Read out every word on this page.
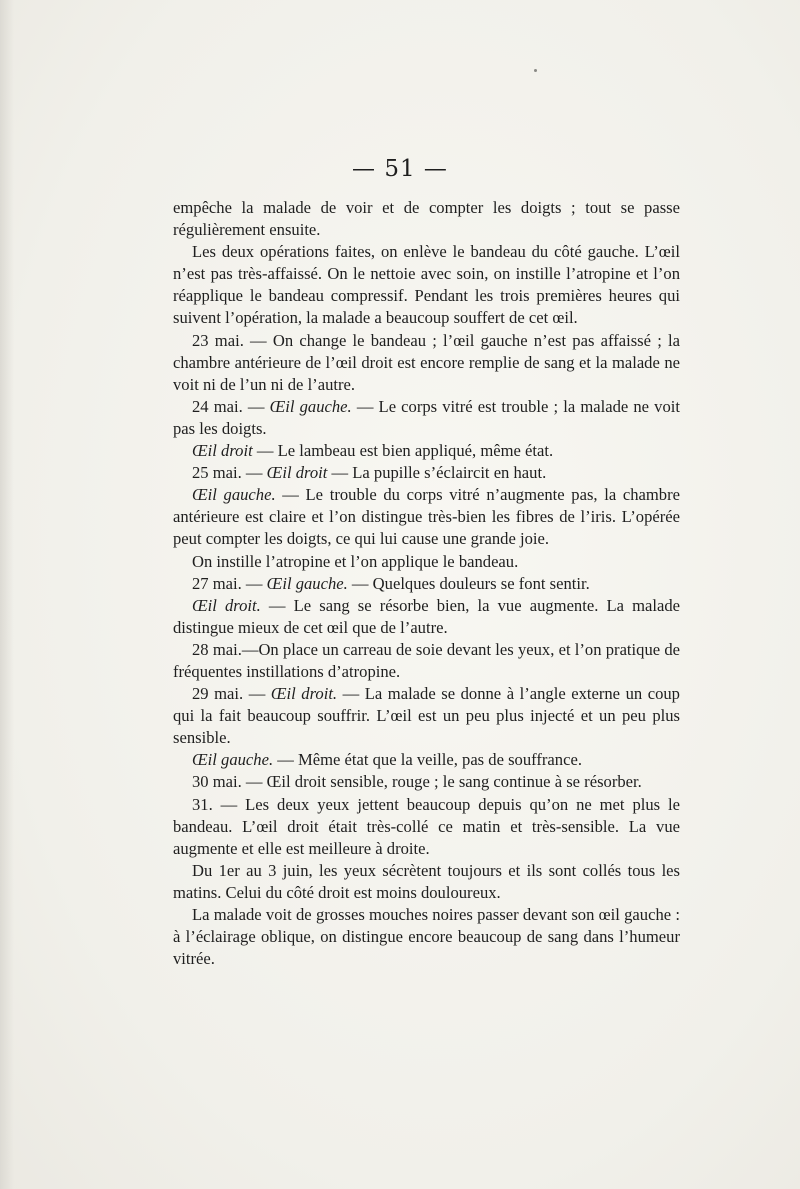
— 51 —

empêche la malade de voir et de compter les doigts ; tout se passe régulièrement ensuite.

Les deux opérations faites, on enlève le bandeau du côté gauche. L’œil n’est pas très-affaissé. On le nettoie avec soin, on instille l’atropine et l’on réapplique le bandeau compressif. Pendant les trois premières heures qui suivent l’opération, la malade a beaucoup souffert de cet œil.

23 mai. — On change le bandeau ; l’œil gauche n’est pas affaissé ; la chambre antérieure de l’œil droit est encore remplie de sang et la malade ne voit ni de l’un ni de l’autre.

24 mai. — Œil gauche. — Le corps vitré est trouble ; la malade ne voit pas les doigts.

Œil droit — Le lambeau est bien appliqué, même état.

25 mai. — Œil droit — La pupille s’éclaircit en haut.

Œil gauche. — Le trouble du corps vitré n’augmente pas, la chambre antérieure est claire et l’on distingue très-bien les fibres de l’iris. L’opérée peut compter les doigts, ce qui lui cause une grande joie.

On instille l’atropine et l’on applique le bandeau.

27 mai. — Œil gauche. — Quelques douleurs se font sentir.

Œil droit. — Le sang se résorbe bien, la vue augmente. La malade distingue mieux de cet œil que de l’autre.

28 mai.—On place un carreau de soie devant les yeux, et l’on pratique de fréquentes instillations d’atropine.

29 mai. — Œil droit. — La malade se donne à l’angle externe un coup qui la fait beaucoup souffrir. L’œil est un peu plus injecté et un peu plus sensible.

Œil gauche. — Même état que la veille, pas de souffrance.

30 mai. — Œil droit sensible, rouge ; le sang continue à se résorber.

31. — Les deux yeux jettent beaucoup depuis qu’on ne met plus le bandeau. L’œil droit était très-collé ce matin et très-sensible. La vue augmente et elle est meilleure à droite.

Du 1er au 3 juin, les yeux sécrètent toujours et ils sont collés tous les matins. Celui du côté droit est moins douloureux.

La malade voit de grosses mouches noires passer devant son œil gauche : à l’éclairage oblique, on distingue encore beaucoup de sang dans l’humeur vitrée.
